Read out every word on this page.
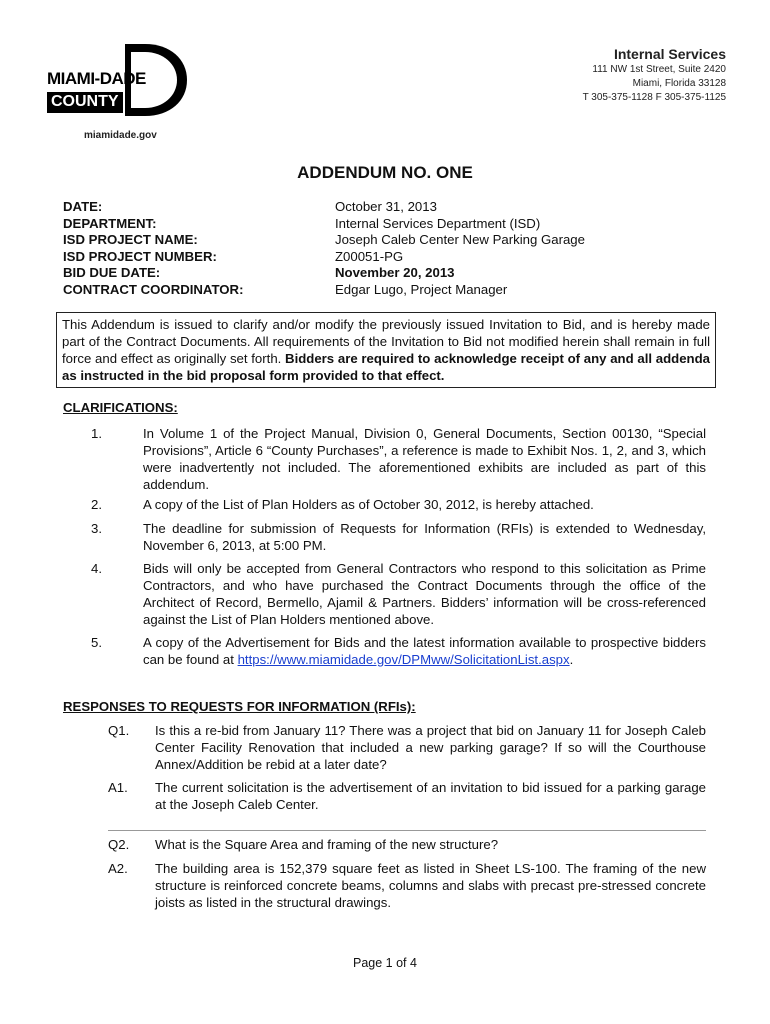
MIAMI-DADE
COUNTY
miamidade.gov
Internal Services
111 NW 1st Street, Suite 2420
Miami, Florida 33128
T 305-375-1128 F 305-375-1125
ADDENDUM NO. ONE
DATE:	October 31, 2013
DEPARTMENT:	Internal Services Department (ISD)
ISD PROJECT NAME:	Joseph Caleb Center New Parking Garage
ISD PROJECT NUMBER:	Z00051-PG
BID DUE DATE:	November 20, 2013
CONTRACT COORDINATOR:	Edgar Lugo, Project Manager
This Addendum is issued to clarify and/or modify the previously issued Invitation to Bid, and is hereby made part of the Contract Documents. All requirements of the Invitation to Bid not modified herein shall remain in full force and effect as originally set forth. Bidders are required to acknowledge receipt of any and all addenda as instructed in the bid proposal form provided to that effect.
CLARIFICATIONS:
1.	In Volume 1 of the Project Manual, Division 0, General Documents, Section 00130, “Special Provisions”, Article 6 “County Purchases”, a reference is made to Exhibit Nos. 1, 2, and 3, which were inadvertently not included. The aforementioned exhibits are included as part of this addendum.
2.	A copy of the List of Plan Holders as of October 30, 2012, is hereby attached.
3.	The deadline for submission of Requests for Information (RFIs) is extended to Wednesday, November 6, 2013, at 5:00 PM.
4.	Bids will only be accepted from General Contractors who respond to this solicitation as Prime Contractors, and who have purchased the Contract Documents through the office of the Architect of Record, Bermello, Ajamil & Partners. Bidders’ information will be cross-referenced against the List of Plan Holders mentioned above.
5.	A copy of the Advertisement for Bids and the latest information available to prospective bidders can be found at https://www.miamidade.gov/DPMww/SolicitationList.aspx.
RESPONSES TO REQUESTS FOR INFORMATION (RFIs):
Q1.	Is this a re-bid from January 11? There was a project that bid on January 11 for Joseph Caleb Center Facility Renovation that included a new parking garage? If so will the Courthouse Annex/Addition be rebid at a later date?
A1.	The current solicitation is the advertisement of an invitation to bid issued for a parking garage at the Joseph Caleb Center.
Q2.	What is the Square Area and framing of the new structure?
A2.	The building area is 152,379 square feet as listed in Sheet LS-100. The framing of the new structure is reinforced concrete beams, columns and slabs with precast pre-stressed concrete joists as listed in the structural drawings.
Page 1 of 4
